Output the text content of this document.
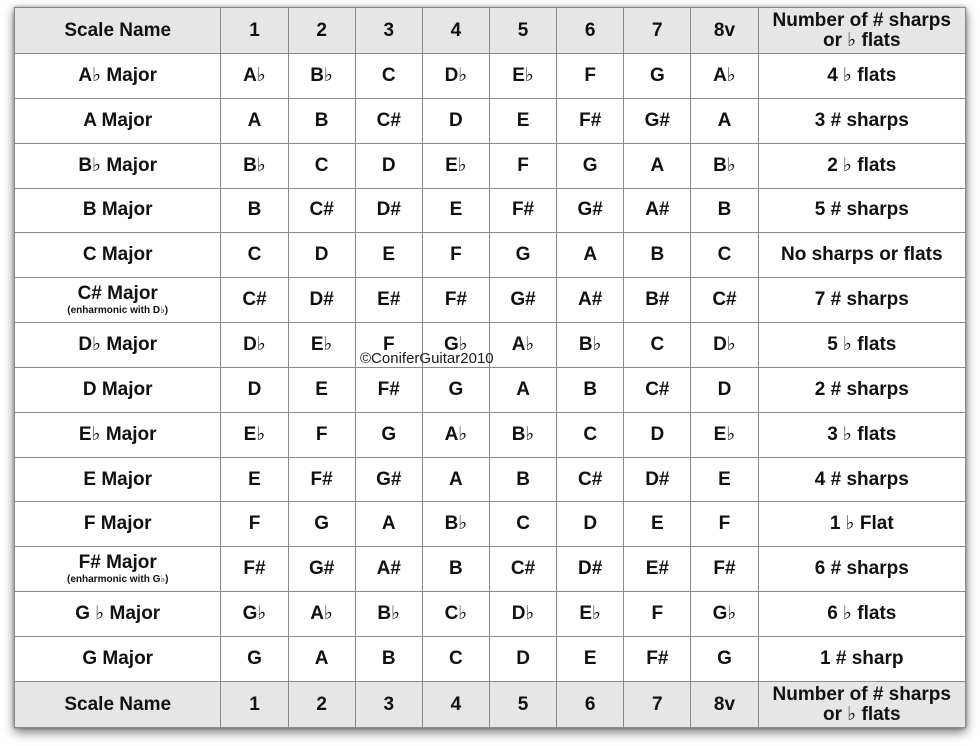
Scale Name	1	2	3	4	5	6	7	8v	Number of # sharps
or ♭ flats
A♭ Major	A♭	B♭	C	D♭	E♭	F	G	A♭	4 ♭ flats
A Major	A	B	C#	D	E	F#	G#	A	3 # sharps
B♭ Major	B♭	C	D	E♭	F	G	A	B♭	2 ♭ flats
B Major	B	C#	D#	E	F#	G#	A#	B	5 # sharps
C Major	C	D	E	F	G	A	B	C	No sharps or flats
C# Major
(enharmonic with D♭)	C#	D#	E#	F#	G#	A#	B#	C#	7 # sharps
D♭ Major	D♭	E♭	F	G♭	A♭	B♭	C	D♭	5 ♭ flats
D Major	D	E	F#	G	A	B	C#	D	2 # sharps
E♭ Major	E♭	F	G	A♭	B♭	C	D	E♭	3 ♭ flats
E Major	E	F#	G#	A	B	C#	D#	E	4 # sharps
F Major	F	G	A	B♭	C	D	E	F	1 ♭ Flat
F# Major
(enharmonic with G♭)	F#	G#	A#	B	C#	D#	E#	F#	6 # sharps
G ♭ Major	G♭	A♭	B♭	C♭	D♭	E♭	F	G♭	6 ♭ flats
G Major	G	A	B	C	D	E	F#	G	1 # sharp
Scale Name	1	2	3	4	5	6	7	8v	Number of # sharps
or ♭ flats
©ConiferGuitar2010
